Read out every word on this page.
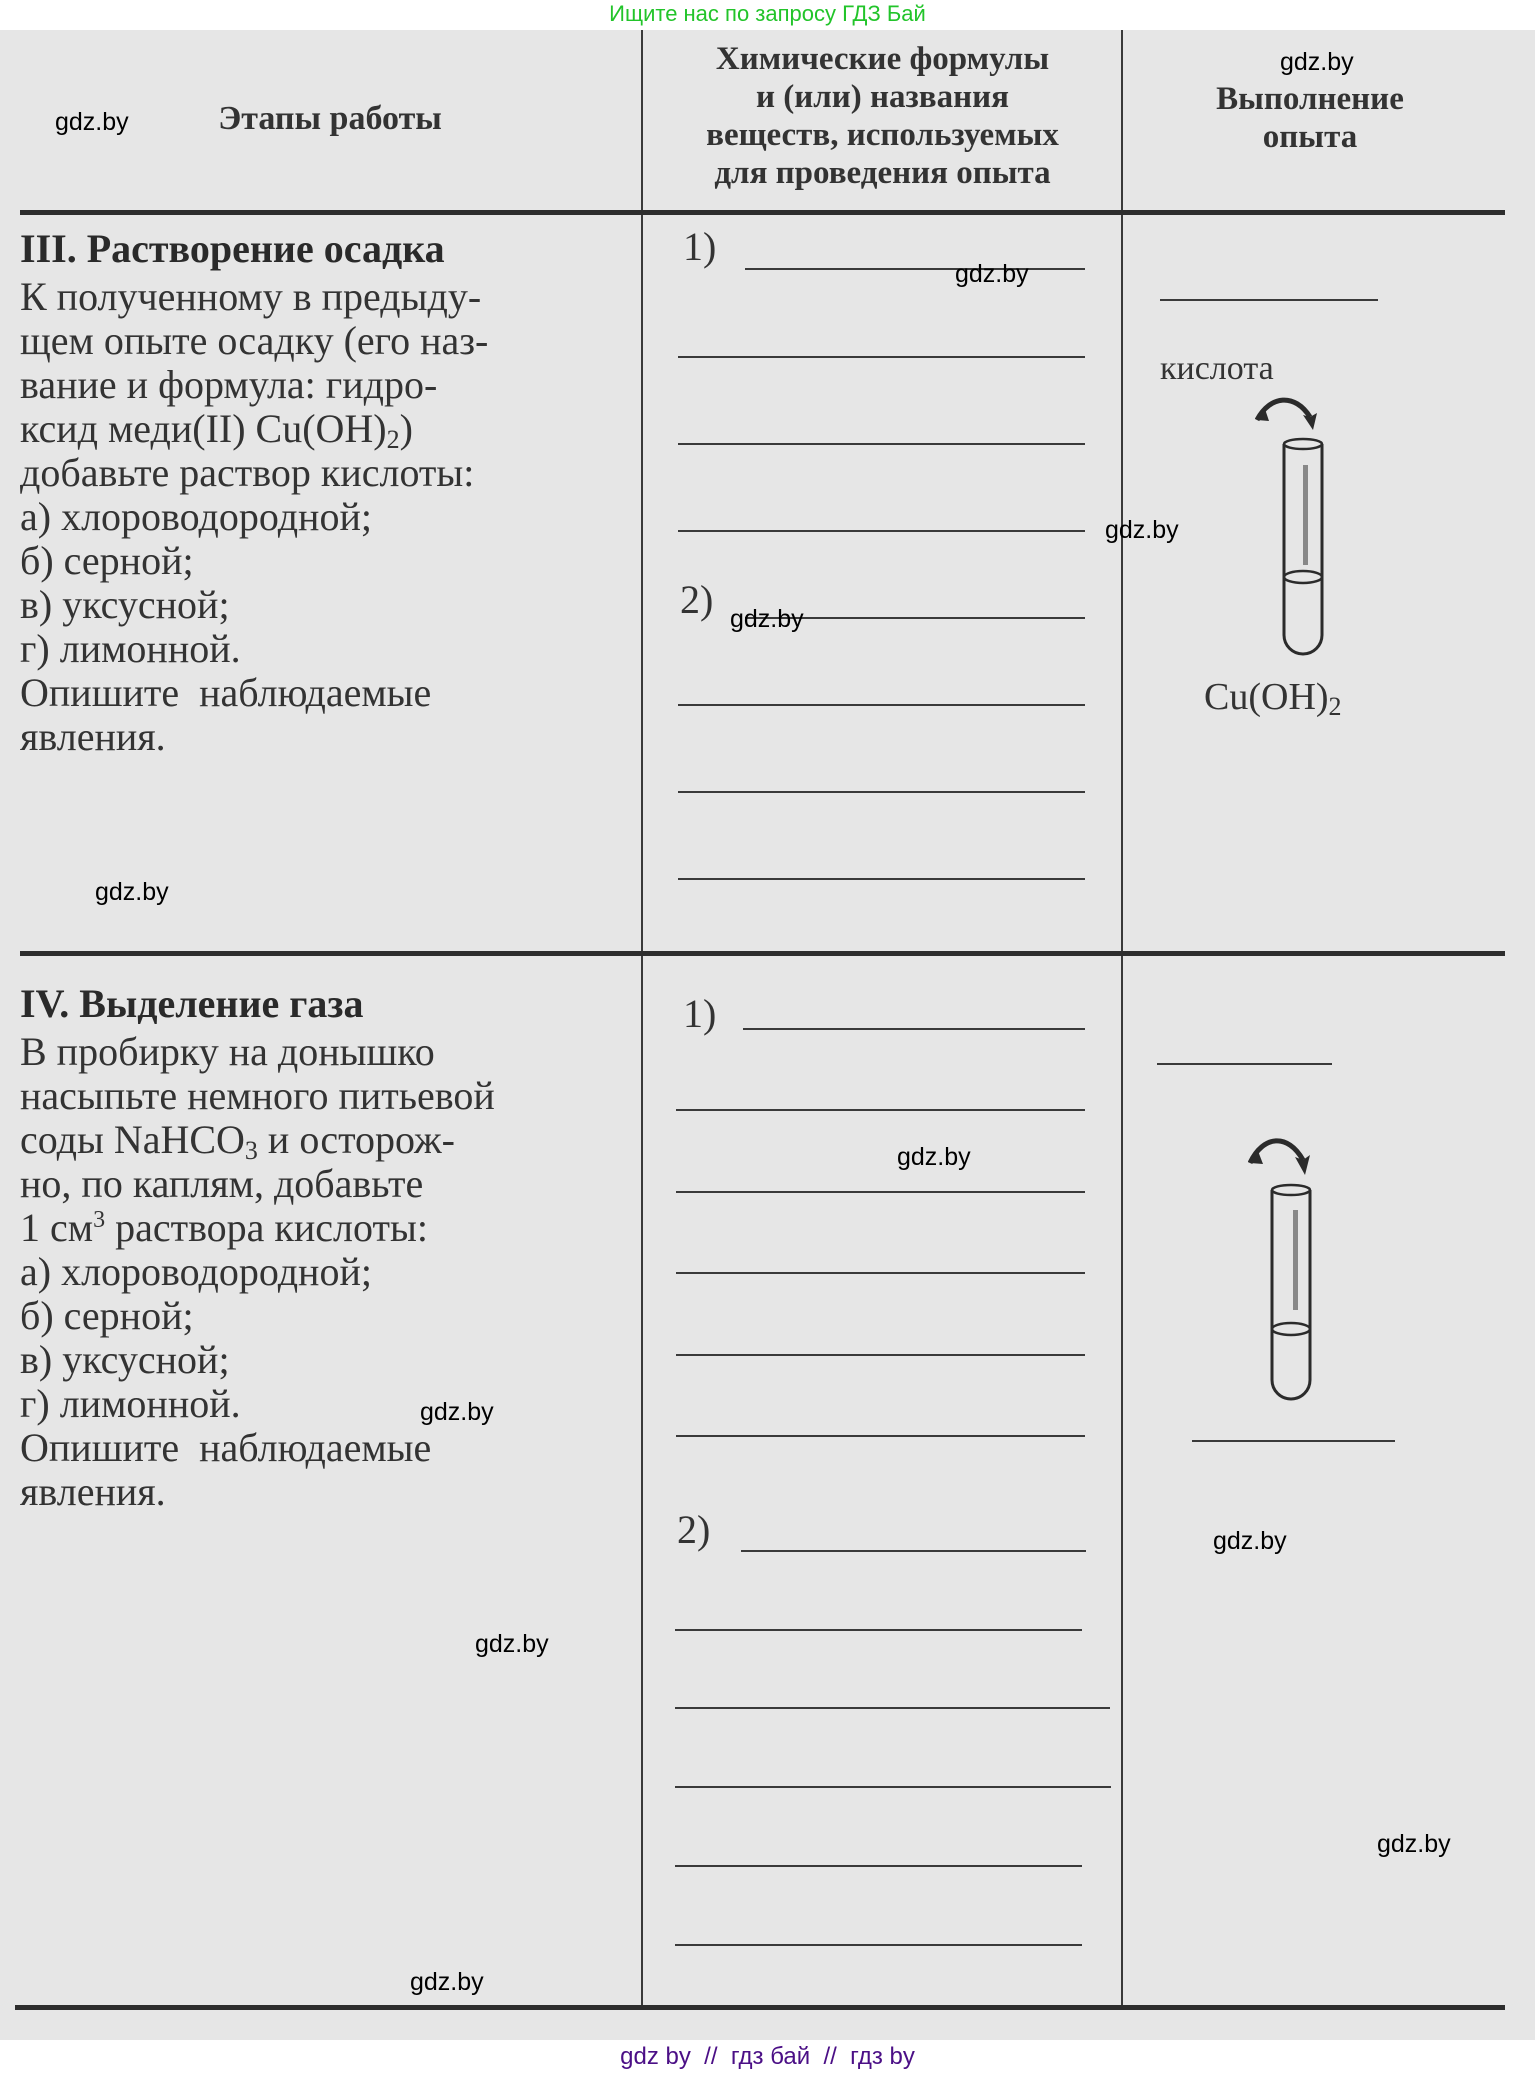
Ищите нас по запросу ГДЗ Бай
Этапы работы
Химические формулы
и (или) названия
веществ, используемых
для проведения опыта
Выполнение
опыта
III. Растворение осадка
К полученному в предыду-
щем опыте осадку (его наз-
вание и формула: гидро-
ксид меди(II) $Cu(OH)_2$)
добавьте раствор кислоты:
а) хлороводородной;
б) серной;
в) уксусной;
г) лимонной.
Опишите  наблюдаемые
явления.
1)
2)
кислота
$Cu(OH)_2$
IV. Выделение газа
В пробирку на донышко
насыпьте немного питьевой
соды NaHCO$_3$ и осторож-
но, по каплям, добавьте
1 $см^3$ раствора кислоты:
а) хлороводородной;
б) серной;
в) уксусной;
г) лимонной.
Опишите  наблюдаемые
явления.
1)
2)
gdz.by
gdz.by
gdz.by
gdz.by
gdz.by
gdz.by
gdz.by
gdz.by
gdz.by
gdz.by
gdz.by
gdz.by
gdz by  //  гдз бай  //  гдз by
